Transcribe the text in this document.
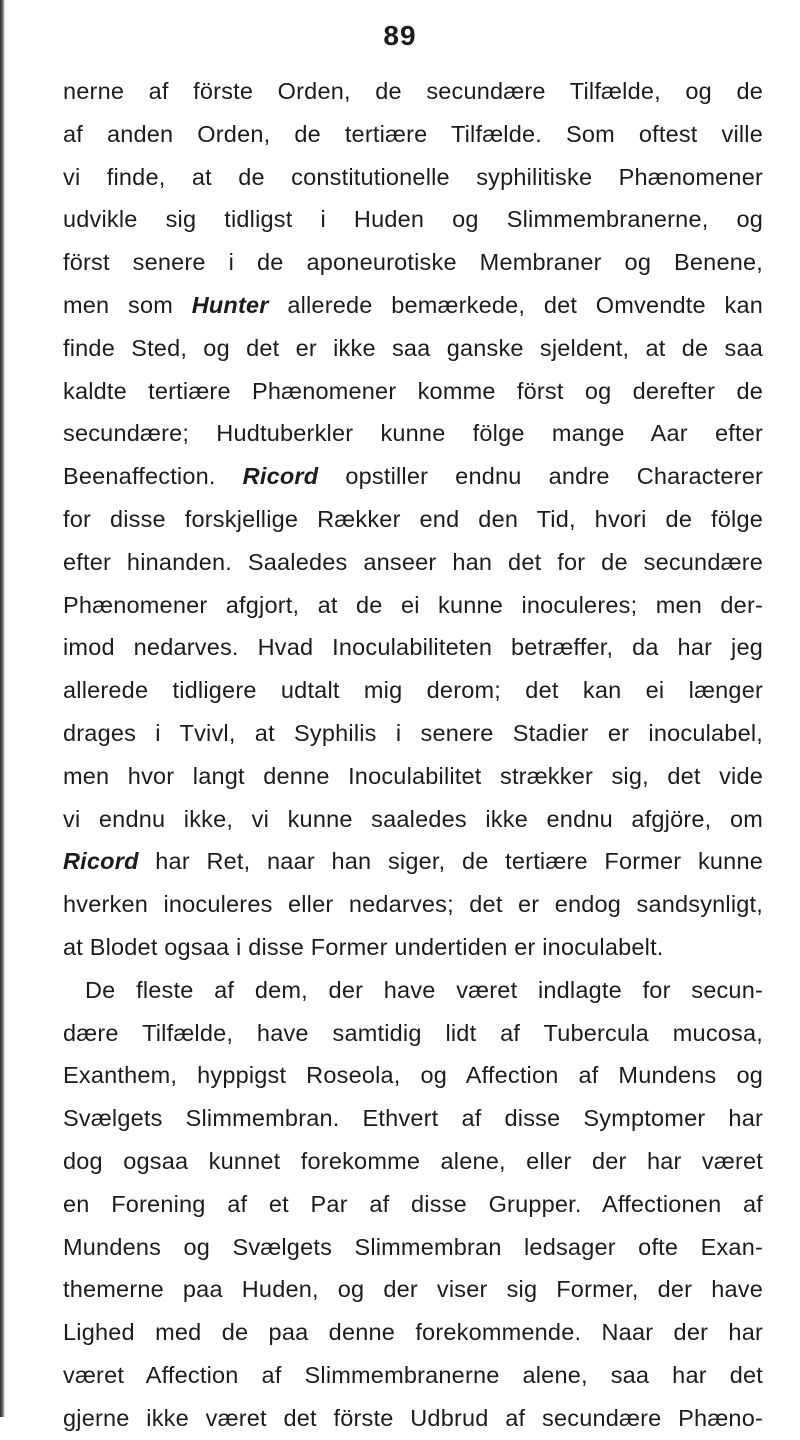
89
nerne af förste Orden, de secundære Tilfælde, og de
af anden Orden, de tertiære Tilfælde. Som oftest ville
vi finde, at de constitutionelle syphilitiske Phænomener
udvikle sig tidligst i Huden og Slimmembranerne, og
först senere i de aponeurotiske Membraner og Benene,
men som Hunter allerede bemærkede, det Omvendte kan
finde Sted, og det er ikke saa ganske sjeldent, at de saa
kaldte tertiære Phænomener komme först og derefter de
secundære; Hudtuberkler kunne fölge mange Aar efter
Beenaffection. Ricord opstiller endnu andre Characterer
for disse forskjellige Rækker end den Tid, hvori de fölge
efter hinanden. Saaledes anseer han det for de secundære
Phænomener afgjort, at de ei kunne inoculeres; men der-
imod nedarves. Hvad Inoculabiliteten betræffer, da har jeg
allerede tidligere udtalt mig derom; det kan ei længer
drages i Tvivl, at Syphilis i senere Stadier er inoculabel,
men hvor langt denne Inoculabilitet strækker sig, det vide
vi endnu ikke, vi kunne saaledes ikke endnu afgjöre, om
Ricord har Ret, naar han siger, de tertiære Former kunne
hverken inoculeres eller nedarves; det er endog sandsynligt,
at Blodet ogsaa i disse Former undertiden er inoculabelt.
De fleste af dem, der have været indlagte for secun-
dære Tilfælde, have samtidig lidt af Tubercula mucosa,
Exanthem, hyppigst Roseola, og Affection af Mundens og
Svælgets Slimmembran. Ethvert af disse Symptomer har
dog ogsaa kunnet forekomme alene, eller der har været
en Forening af et Par af disse Grupper. Affectionen af
Mundens og Svælgets Slimmembran ledsager ofte Exan-
themerne paa Huden, og der viser sig Former, der have
Lighed med de paa denne forekommende. Naar der har
været Affection af Slimmembranerne alene, saa har det
gjerne ikke været det förste Udbrud af secundære Phæno-
